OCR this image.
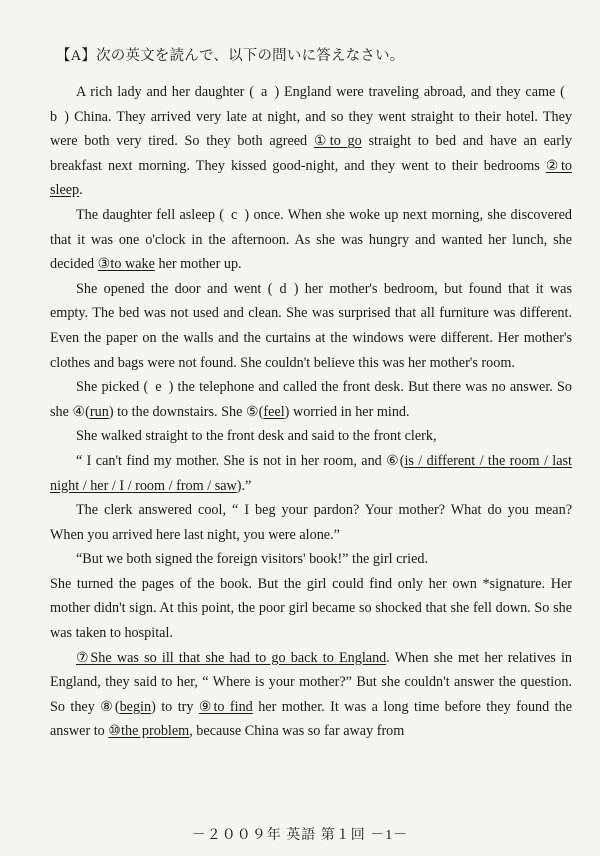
【A】次の英文を読んで、以下の問いに答えなさい。

A rich lady and her daughter ( a ) England were traveling abroad, and they came ( b ) China. They arrived very late at night, and so they went straight to their hotel. They were both very tired. So they both agreed ①to go straight to bed and have an early breakfast next morning. They kissed good-night, and they went to their bedrooms ②to sleep.

The daughter fell asleep ( c ) once. When she woke up next morning, she discovered that it was one o'clock in the afternoon. As she was hungry and wanted her lunch, she decided ③to wake her mother up.

She opened the door and went ( d ) her mother's bedroom, but found that it was empty. The bed was not used and clean. She was surprised that all furniture was different. Even the paper on the walls and the curtains at the windows were different. Her mother's clothes and bags were not found. She couldn't believe this was her mother's room.

She picked ( e ) the telephone and called the front desk. But there was no answer. So she ④(run) to the downstairs. She ⑤(feel) worried in her mind.

She walked straight to the front desk and said to the front clerk,

“ I can't find my mother. She is not in her room, and ⑥(is / different / the room / last night / her / I / room / from / saw).”

The clerk answered cool, “ I beg your pardon? Your mother? What do you mean? When you arrived here last night, you were alone.”

“But we both signed the foreign visitors' book!” the girl cried.

She turned the pages of the book. But the girl could find only her own *signature. Her mother didn't sign. At this point, the poor girl became so shocked that she fell down. So she was taken to hospital.

⑦She was so ill that she had to go back to England. When she met her relatives in England, they said to her, “ Where is your mother?” But she couldn't answer the question. So they ⑧(begin) to try ⑨to find her mother. It was a long time before they found the answer to ⑩the problem, because China was so far away from

－２００９年 英語 第１回 －1－
